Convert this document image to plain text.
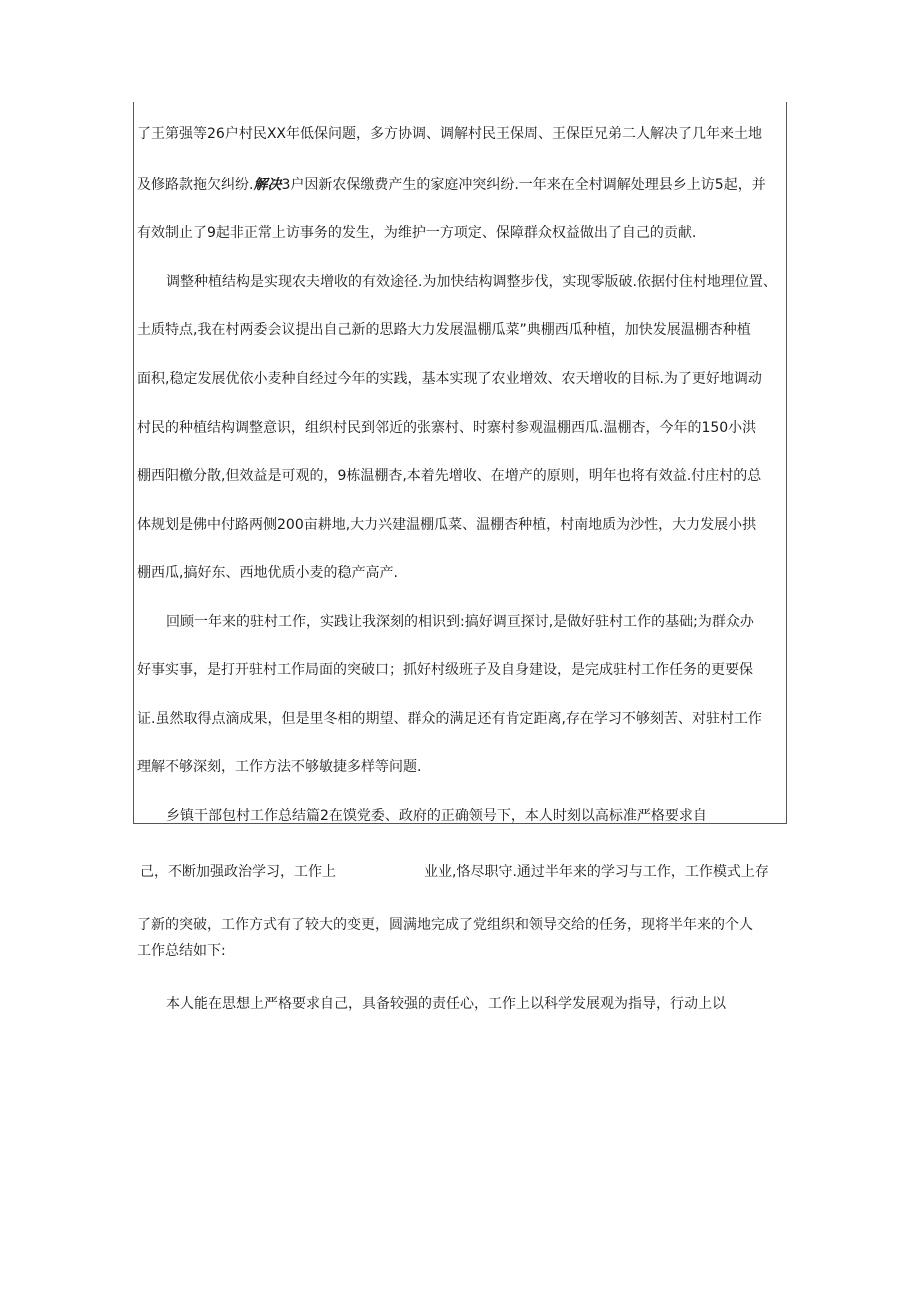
了王第强等26户村民XX年低保问题，多方协调、调解村民王保周、王保臣兄弟二人解决了几年来土地
及修路款拖欠纠纷.解决3户因新农保缴费产生的家庭冲突纠纷.一年来在全村调解处理县乡上访5起，并
有效制止了9起非正常上访事务的发生，为维护一方项定、保障群众权益做出了自己的贡献.
调整种植结构是实现农夫增收的有效途径.为加快结构调整步伐，实现零版破.依据付住村地理位置、
土质特点,我在村两委会议提出自己新的思路大力发展温棚瓜菜”典棚西瓜种植，加快发展温棚杏种植
面积,稳定发展优依小麦种自经过今年的实践，基本实现了农业增效、农天增收的目标.为了更好地调动
村民的种植结构调整意识，组织村民到邻近的张寨村、时寨村参观温棚西瓜.温棚杏，今年的150小洪
棚西阳檄分散,但效益是可观的，9栋温棚杏,本着先增收、在增产的原则，明年也将有效益.付庄村的总
体规划是佛中付路两侧200亩耕地,大力兴建温棚瓜菜、温棚杏种植，村南地质为沙性，大力发展小拱
棚西瓜,搞好东、西地优质小麦的稳产高产.
回顾一年来的驻村工作，实践让我深刻的相识到:搞好调亘探讨,是做好驻村工作的基础;为群众办
好事实事，是打开驻村工作局面的突破口；抓好村级班子及自身建设，是完成驻村工作任务的更要保
证.虽然取得点滴成果，但是里冬相的期望、群众的满足还有肯定距离,存在学习不够刻苦、对驻村工作
理解不够深刻，工作方法不够敏捷多样等问题.
乡镇干部包村工作总结篇2在馍党委、政府的正确领号下，本人时刻以高标准严格要求自
己，不断加强政治学习，工作上	业业,恪尽职守.通过半年来的学习与工作，工作模式上存
了新的突破，工作方式有了较大的变更，圆满地完成了党组织和领导交给的任务，现将半年来的个人
工作总结如下:
本人能在思想上严格要求自己，具备较强的责任心，工作上以科学发展观为指导，行动上以
